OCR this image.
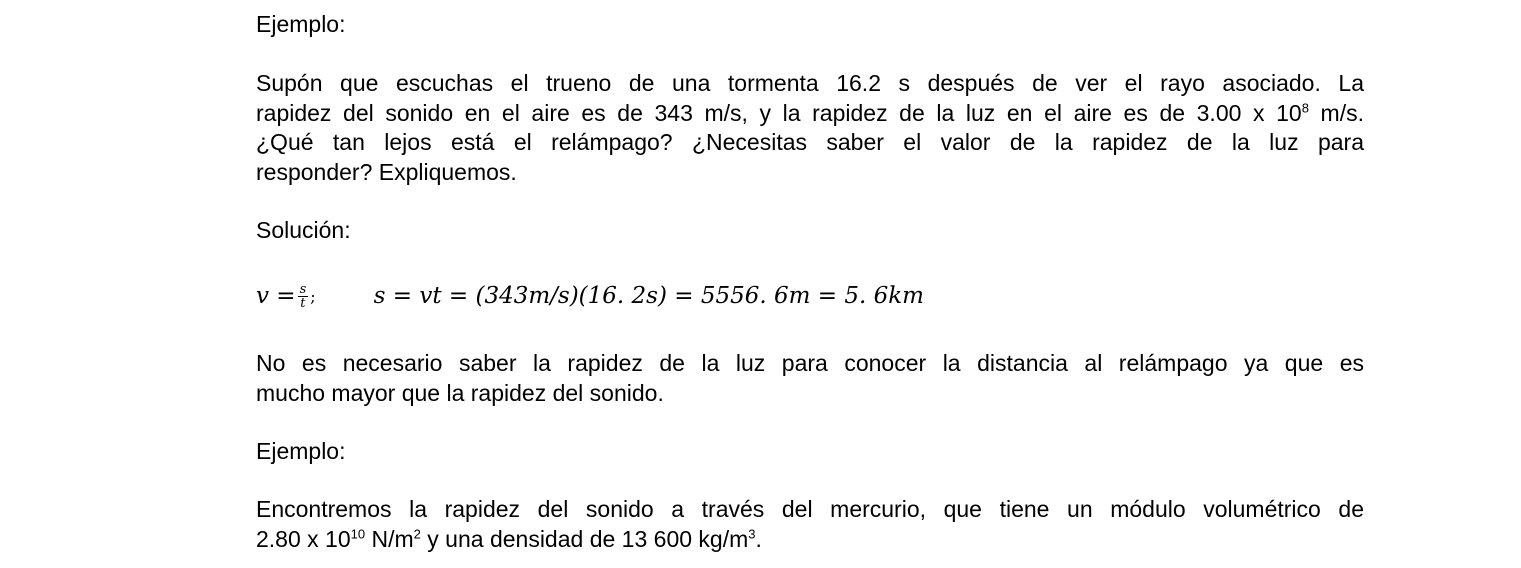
Ejemplo:

Supón que escuchas el trueno de una tormenta 16.2 s después de ver el rayo asociado. La

rapidez del sonido en el aire es de 343 m/s, y la rapidez de la luz en el aire es de 3.00 x $10^8$ m/s.

¿Qué tan lejos está el relámpago? ¿Necesitas saber el valor de la rapidez de la luz para

responder? Expliquemos.

Solución:

$v = \frac{s}{t}$ ;	s = vt = (343m/s)(16. 2s) = 5556. 6m = 5. 6km

No es necesario saber la rapidez de la luz para conocer la distancia al relámpago ya que es

mucho mayor que la rapidez del sonido.

Ejemplo:

Encontremos la rapidez del sonido a través del mercurio, que tiene un módulo volumétrico de

2.80 x $10^{10}$ $N/m^2$ y una densidad de 13 600 $kg/m^3$.
